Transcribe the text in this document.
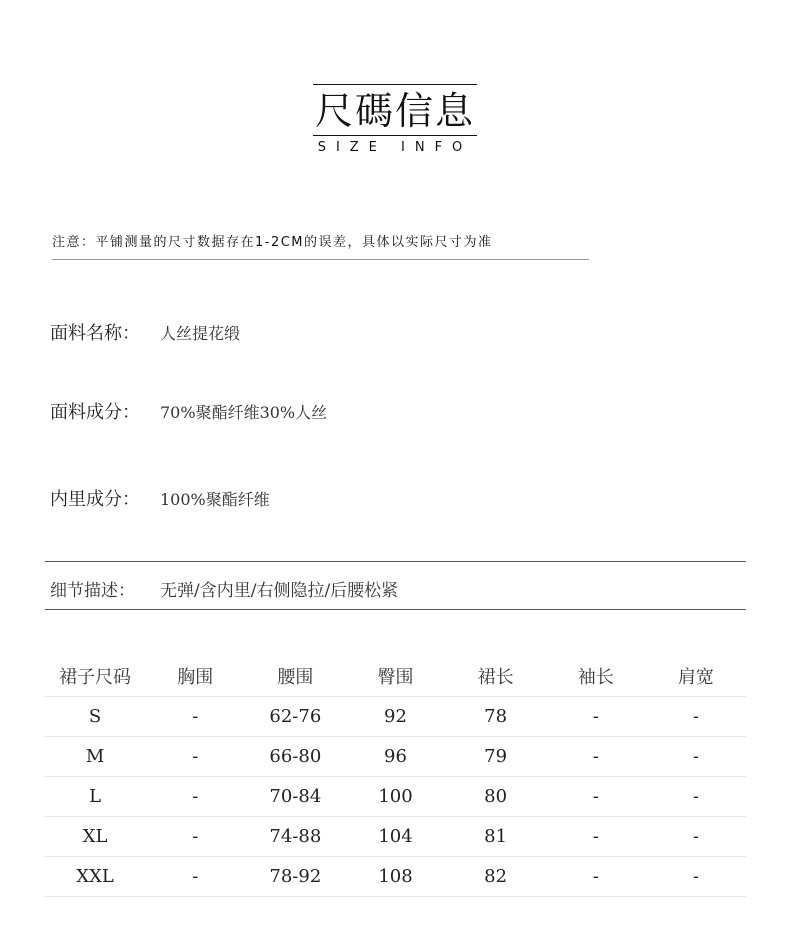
尺碼信息
SIZE INFO
注意：平铺测量的尺寸数据存在1-2CM的误差，具体以实际尺寸为准
面料名称： 人丝提花缎
面料成分： 70%聚酯纤维30%人丝
内里成分： 100%聚酯纤维
细节描述： 无弹/含内里/右侧隐拉/后腰松紧
裙子尺码	胸围	腰围	臀围	裙长	袖长	肩宽
S	-	62-76	92	78	-	-
M	-	66-80	96	79	-	-
L	-	70-84	100	80	-	-
XL	-	74-88	104	81	-	-
XXL	-	78-92	108	82	-	-
